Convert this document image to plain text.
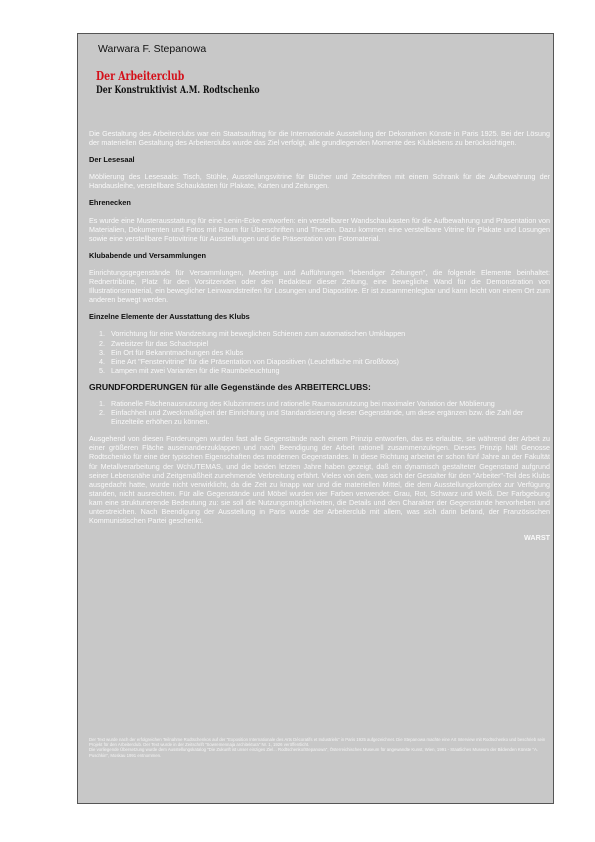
Warwara F. Stepanowa
Der Arbeiterclub
Der Konstruktivist A.M. Rodtschenko

Die Gestaltung des Arbeiterclubs war ein Staatsauftrag für die Internationale Ausstellung der Dekorativen Künste in Paris 1925. Bei der Lösung der materiellen Gestaltung des Arbeiterclubs wurde das Ziel verfolgt, alle grundlegenden Momente des Klublebens zu berücksichtigen.

Der Lesesaal

Möblierung des Lesesaals: Tisch, Stühle, Ausstellungsvitrine für Bücher und Zeitschriften mit einem Schrank für die Aufbewahrung der Handausleihe, verstellbare Schaukästen für Plakate, Karten und Zeitungen.

Ehrenecken

Es wurde eine Musterausstattung für eine Lenin-Ecke entworfen: ein verstellbarer Wandschaukasten für die Aufbewahrung und Präsentation von Materialien, Dokumenten und Fotos mit Raum für Überschriften und Thesen. Dazu kommen eine verstellbare Vitrine für Plakate und Losungen sowie eine verstellbare Fotovitrine für Ausstellungen und die Präsentation von Fotomaterial.

Klubabende und Versammlungen

Einrichtungsgegenstände für Versammlungen, Meetings und Aufführungen "lebendiger Zeitungen", die folgende Elemente beinhaltet: Rednertribüne, Platz für den Vorsitzenden oder den Redakteur dieser Zeitung, eine bewegliche Wand für die Demonstration von Illustrationsmaterial, ein beweglicher Leinwandstreifen für Losungen und Diapositive. Er ist zusammenlegbar und kann leicht von einem Ort zum anderen bewegt werden.

Einzelne Elemente der Ausstattung des Klubs
1. Vorrichtung für eine Wandzeitung mit beweglichen Schienen zum automatischen Umklappen
2. Zweisitzer für das Schachspiel
3. Ein Ort für Bekanntmachungen des Klubs
4. Eine Art "Fenstervitrine" für die Präsentation von Diapositiven (Leuchtfläche mit Großfotos)
5. Lampen mit zwei Varianten für die Raumbeleuchtung
GRUNDFORDERUNGEN für alle Gegenstände des ARBEITERCLUBS:
1. Rationelle Flächenausnutzung des Klubzimmers und rationelle Raumausnutzung bei maximaler Variation der Möblierung
2. Einfachheit und Zweckmäßigkeit der Einrichtung und Standardisierung dieser Gegenstände, um diese ergänzen bzw. die Zahl der Einzelteile erhöhen zu können.

Ausgehend von diesen Forderungen wurden fast alle Gegenstände nach einem Prinzip entworfen, das es erlaubte, sie während der Arbeit zu einer größeren Fläche auseinanderzuklappen und nach Beendigung der Arbeit rationell zusammenzulegen. Dieses Prinzip hält Genosse Rodtschenko für eine der typischen Eigenschaften des modernen Gegenstandes. In diese Richtung arbeitet er schon fünf Jahre an der Fakultät für Metallverarbeitung der WchUTEMAS, und die beiden letzten Jahre haben gezeigt, daß ein dynamisch gestalteter Gegenstand aufgrund seiner Lebensnähe und Zeitgemäßheit zunehmende Verbreitung erfährt. Vieles von dem, was sich der Gestalter für den "Arbeiter"-Teil des Klubs ausgedacht hatte, wurde nicht verwirklicht, da die Zeit zu knapp war und die materiellen Mittel, die dem Ausstellungskomplex zur Verfügung standen, nicht ausreichten. Für alle Gegenstände und Möbel wurden vier Farben verwendet: Grau, Rot, Schwarz und Weiß. Der Farbgebung kam eine strukturierende Bedeutung zu: sie soll die Nutzungsmöglichkeiten, die Details und den Charakter der Gegenstände hervorheben und unterstreichen. Nach Beendigung der Ausstellung in Paris wurde der Arbeiterclub mit allem, was sich darin befand, der Französischen Kommunistischen Partei geschenkt.

WARST

Der Text wurde nach der erfolgreichen Teilnahme Rodtschenkos auf der "Exposition Internationale des Arts Décoratifs et Industriels" in Paris 1925 aufgezeichnet. Die Stepanowa machte eine Art Interview mit Rodtschenko und beschrieb sein Projekt für den Arbeiterclub. Der Text wurde in der Zeitschrift "Sowremennaja architektura" Nr. 1, 1926 veröffentlicht.

Die vorliegende Übersetzung wurde dem Ausstellungskatalog "Die Zukunft ist unser einziges Ziel... Rodtschenko/Stepanowa", Österreichisches Museum für angewandte Kunst, Wien, 1991 - Staatliches Museum der Bildenden Künste "A. Puschkin", Moskau 1991 entnommen.
